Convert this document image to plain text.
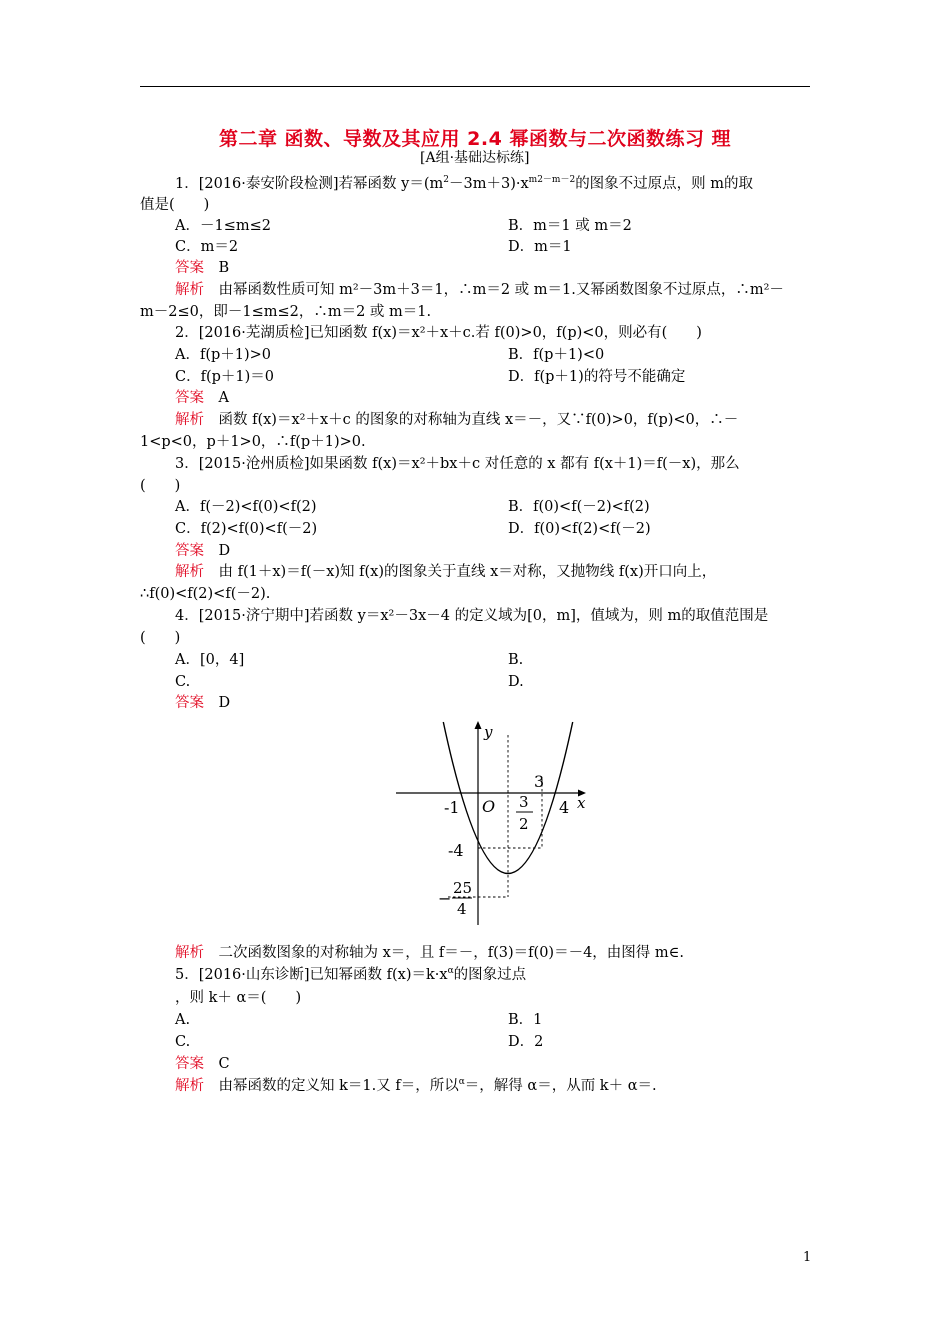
第二章 函数、导数及其应用 2.4 幂函数与二次函数练习 理
[A组·基础达标练]
1．[2016·泰安阶段检测]若幂函数 $y=(m^2-3m+3)\cdot x^{m2-m-2}$的图象不过原点，则 m的取
值是(　　)
A．－1≤m≤2	B．m＝1 或 m＝2
C．m＝2	D．m＝1
答案　 B
解析　 由幂函数性质可知 m²－3m＋3＝1，∴m＝2 或 m＝1.又幂函数图象不过原点，∴m²－
m－2≤0，即－1≤m≤2，∴m＝2 或 m＝1.
2．[2016·芜湖质检]已知函数 f(x)＝x²＋x＋c.若 f(0)>0，f(p)<0，则必有(　　)
A．f(p＋1)>0	B．f(p＋1)<0
C．f(p＋1)＝0	D．f(p＋1)的符号不能确定
答案　 A
解析　 函数 f(x)＝x²＋x＋c 的图象的对称轴为直线 x＝－，又∵f(0)>0，f(p)<0，∴－
1<p<0，p＋1>0，∴f(p＋1)>0.
3．[2015·沧州质检]如果函数 f(x)＝x²＋bx＋c 对任意的 x 都有 f(x＋1)＝f(－x)，那么
(　　)
A．f(－2)<f(0)<f(2)	B．f(0)<f(－2)<f(2)
C．f(2)<f(0)<f(－2)	D．f(0)<f(2)<f(－2)
答案　 D
解析　 由 f(1＋x)＝f(－x)知 f(x)的图象关于直线 x＝对称，又抛物线 f(x)开口向上，
∴f(0)<f(2)<f(－2).
4．[2015·济宁期中]若函数 y＝x²－3x－4 的定义域为[0，m]，值域为，则 m的取值范围是
(　　)
A．[0，4]	B.
C.	D.
答案　 D
y
x
O
-1	4
3
3
2
-4
−
25
4
解析　 二次函数图象的对称轴为 x＝，且 f＝－，f(3)＝f(0)＝－4，由图得 m∈.
5．[2016·山东诊断]已知幂函数 $f(x)=k\cdot x^\alpha$的图象过点
，则 k＋ α＝(　　)
A.	B．1
C.	D．2
答案　 C
解析　 由幂函数的定义知 k＝1.又 f＝，所以$^\alpha$＝，解得 α＝，从而 k＋ α＝.
1
